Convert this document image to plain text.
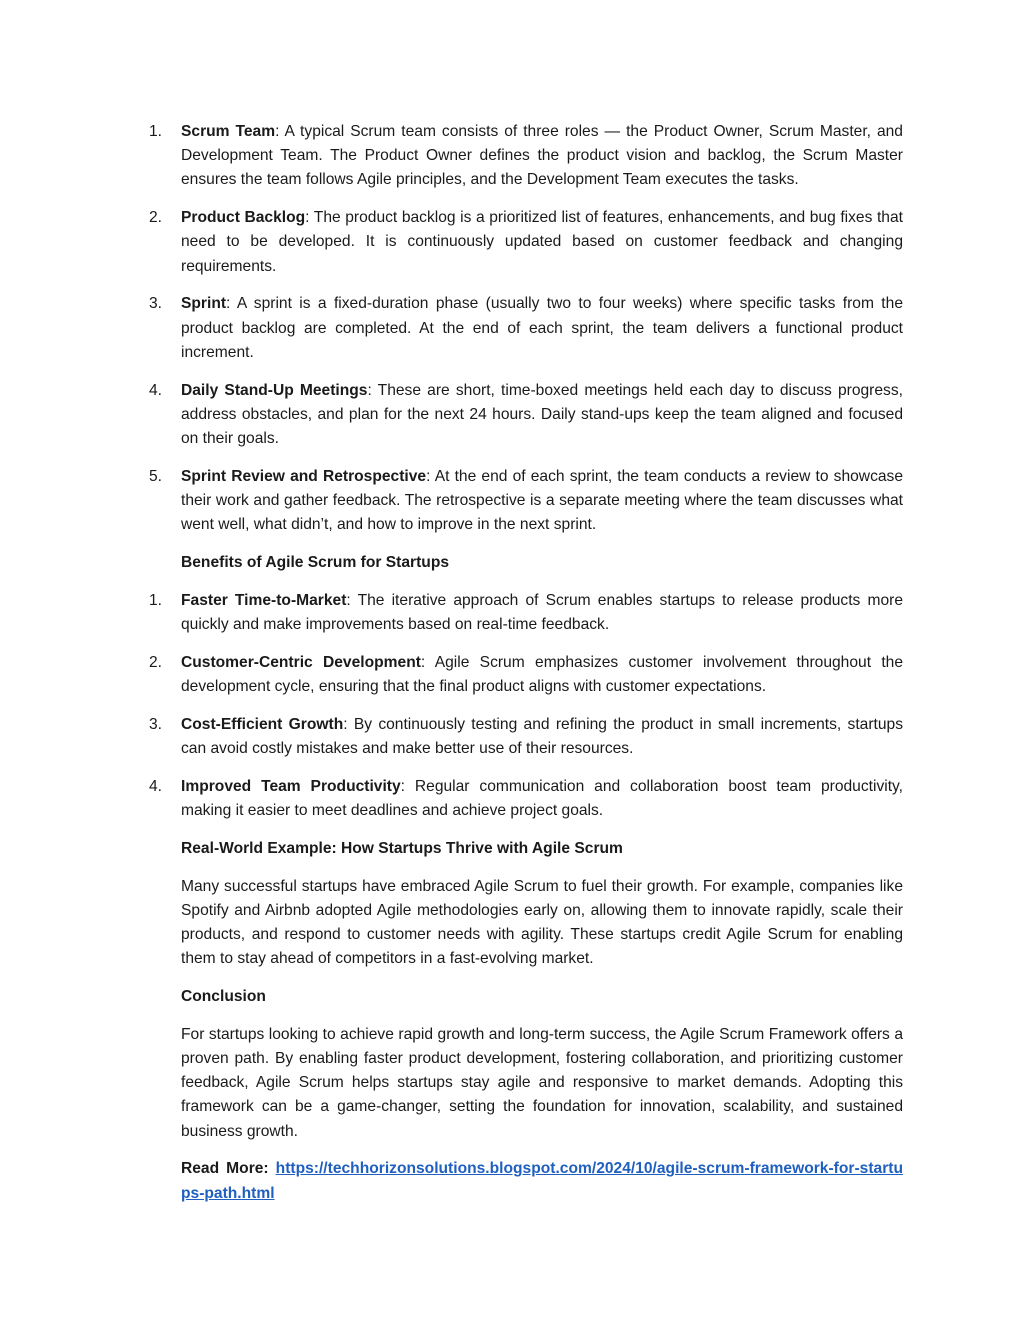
1.	Scrum Team: A typical Scrum team consists of three roles — the Product Owner, Scrum Master, and Development Team. The Product Owner defines the product vision and backlog, the Scrum Master ensures the team follows Agile principles, and the Development Team executes the tasks.
2.	Product Backlog: The product backlog is a prioritized list of features, enhancements, and bug fixes that need to be developed. It is continuously updated based on customer feedback and changing requirements.
3.	Sprint: A sprint is a fixed-duration phase (usually two to four weeks) where specific tasks from the product backlog are completed. At the end of each sprint, the team delivers a functional product increment.
4.	Daily Stand-Up Meetings: These are short, time-boxed meetings held each day to discuss progress, address obstacles, and plan for the next 24 hours. Daily stand-ups keep the team aligned and focused on their goals.
5.	Sprint Review and Retrospective: At the end of each sprint, the team conducts a review to showcase their work and gather feedback. The retrospective is a separate meeting where the team discusses what went well, what didn’t, and how to improve in the next sprint.
Benefits of Agile Scrum for Startups
1.	Faster Time-to-Market: The iterative approach of Scrum enables startups to release products more quickly and make improvements based on real-time feedback.
2.	Customer-Centric Development: Agile Scrum emphasizes customer involvement throughout the development cycle, ensuring that the final product aligns with customer expectations.
3.	Cost-Efficient Growth: By continuously testing and refining the product in small increments, startups can avoid costly mistakes and make better use of their resources.
4.	Improved Team Productivity: Regular communication and collaboration boost team productivity, making it easier to meet deadlines and achieve project goals.
Real-World Example: How Startups Thrive with Agile Scrum

Many successful startups have embraced Agile Scrum to fuel their growth. For example, companies like Spotify and Airbnb adopted Agile methodologies early on, allowing them to innovate rapidly, scale their products, and respond to customer needs with agility. These startups credit Agile Scrum for enabling them to stay ahead of competitors in a fast-evolving market.

Conclusion

For startups looking to achieve rapid growth and long-term success, the Agile Scrum Framework offers a proven path. By enabling faster product development, fostering collaboration, and prioritizing customer feedback, Agile Scrum helps startups stay agile and responsive to market demands. Adopting this framework can be a game-changer, setting the foundation for innovation, scalability, and sustained business growth.

Read More: https://techhorizonsolutions.blogspot.com/2024/10/agile-scrum-framework-for-startups-path.html
